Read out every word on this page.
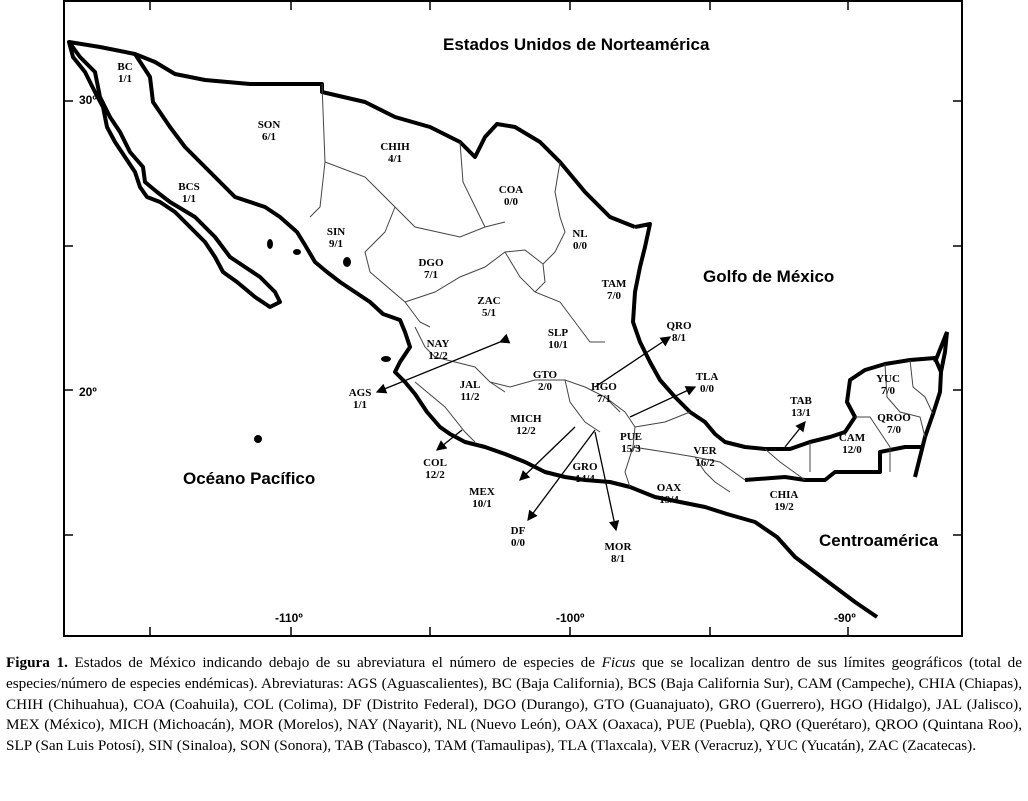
Estados Unidos de Norteamérica
Golfo de México
Océano Pacífico
Centroamérica
30º
20º
-110º	-100º	-90º
BC
1/1
SON
6/1
CHIH
4/1
BCS
1/1
COA
0/0
SIN
9/1
NL
0/0
DGO
7/1
TAM
7/0
ZAC
5/1
QRO
8/1
NAY
12/2
SLP
10/1
AGS
1/1
JAL
11/2
GTO
2/0	HGO
7/1
TLA
0/0
YUC
7/0
TAB
13/1	QROO
7/0
MICH
12/2
CAM
12/0
PUE
15/3	VER
16/2
COL
12/2
GRO
14/4
OAX
19/4	CHIA
19/2
MEX
10/1
DF
0/0	MOR
8/1
Figura 1. Estados de México indicando debajo de su abreviatura el número de especies de Ficus que se localizan dentro de sus límites geográficos (total de especies/número de especies endémicas). Abreviaturas: AGS (Aguascalientes), BC (Baja California), BCS (Baja California Sur), CAM (Campeche), CHIA (Chiapas), CHIH (Chihuahua), COA (Coahuila), COL (Colima), DF (Distrito Federal), DGO (Durango), GTO (Guanajuato), GRO (Guerrero), HGO (Hidalgo), JAL (Jalisco), MEX (México), MICH (Michoacán), MOR (Morelos), NAY (Nayarit), NL (Nuevo León), OAX (Oaxaca), PUE (Puebla), QRO (Querétaro), QROO (Quintana Roo), SLP (San Luis Potosí), SIN (Sinaloa), SON (Sonora), TAB (Tabasco), TAM (Tamaulipas), TLA (Tlaxcala), VER (Veracruz), YUC (Yucatán), ZAC (Zacatecas).
